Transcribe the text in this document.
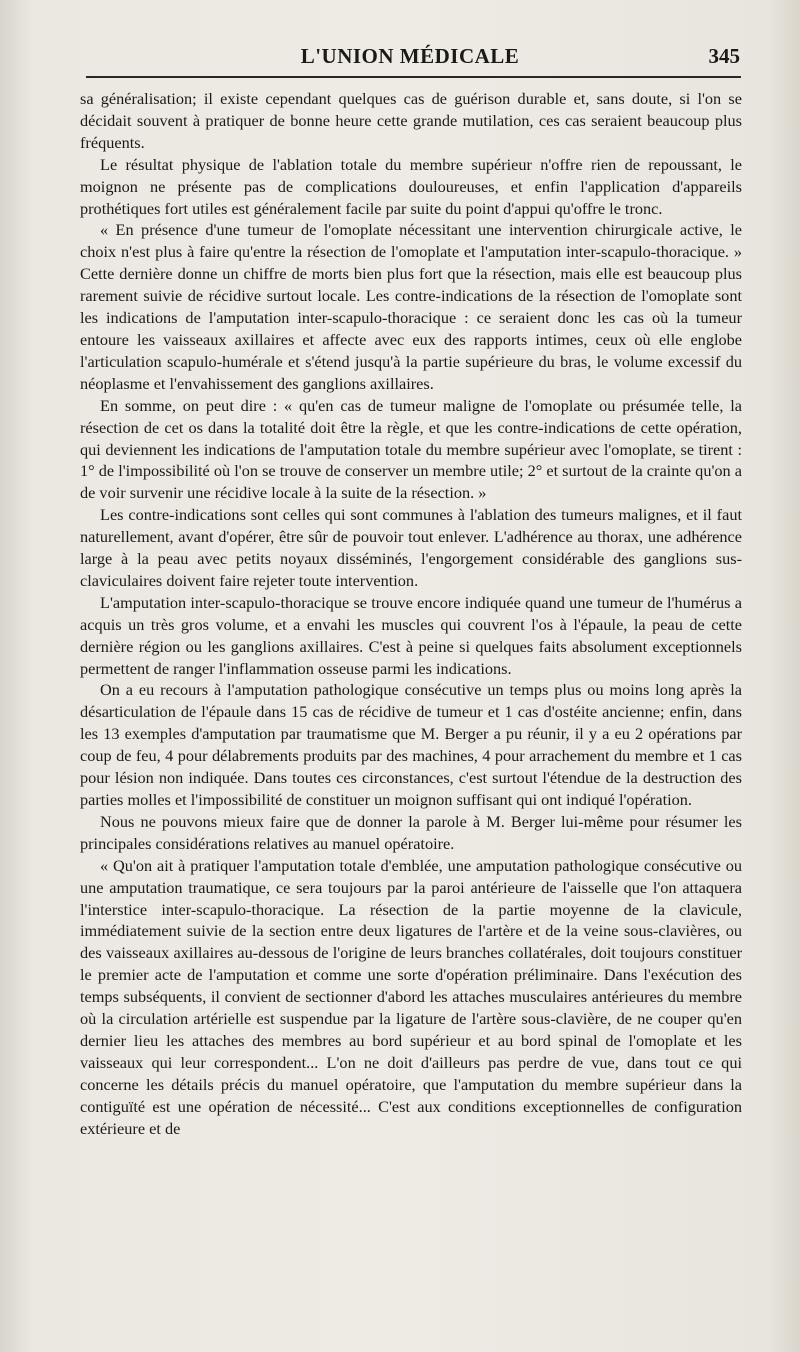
L'UNION MÉDICALE	345

sa généralisation; il existe cependant quelques cas de guérison durable et, sans doute, si l'on se décidait souvent à pratiquer de bonne heure cette grande mutilation, ces cas seraient beaucoup plus fréquents.

Le résultat physique de l'ablation totale du membre supérieur n'offre rien de repoussant, le moignon ne présente pas de complications douloureuses, et enfin l'application d'appareils prothétiques fort utiles est généralement facile par suite du point d'appui qu'offre le tronc.

« En présence d'une tumeur de l'omoplate nécessitant une intervention chirurgicale active, le choix n'est plus à faire qu'entre la résection de l'omoplate et l'amputation inter-scapulo-thoracique. » Cette dernière donne un chiffre de morts bien plus fort que la résection, mais elle est beaucoup plus rarement suivie de récidive surtout locale. Les contre-indications de la résection de l'omoplate sont les indications de l'amputation inter-scapulo-thoracique : ce seraient donc les cas où la tumeur entoure les vaisseaux axillaires et affecte avec eux des rapports intimes, ceux où elle englobe l'articulation scapulo-humérale et s'étend jusqu'à la partie supérieure du bras, le volume excessif du néoplasme et l'envahissement des ganglions axillaires.

En somme, on peut dire : « qu'en cas de tumeur maligne de l'omoplate ou présumée telle, la résection de cet os dans la totalité doit être la règle, et que les contre-indications de cette opération, qui deviennent les indications de l'amputation totale du membre supérieur avec l'omoplate, se tirent : 1° de l'impossibilité où l'on se trouve de conserver un membre utile; 2° et surtout de la crainte qu'on a de voir survenir une récidive locale à la suite de la résection. »

Les contre-indications sont celles qui sont communes à l'ablation des tumeurs malignes, et il faut naturellement, avant d'opérer, être sûr de pouvoir tout enlever. L'adhérence au thorax, une adhérence large à la peau avec petits noyaux disséminés, l'engorgement considérable des ganglions sus-claviculaires doivent faire rejeter toute intervention.

L'amputation inter-scapulo-thoracique se trouve encore indiquée quand une tumeur de l'humérus a acquis un très gros volume, et a envahi les muscles qui couvrent l'os à l'épaule, la peau de cette dernière région ou les ganglions axillaires. C'est à peine si quelques faits absolument exceptionnels permettent de ranger l'inflammation osseuse parmi les indications.

On a eu recours à l'amputation pathologique consécutive un temps plus ou moins long après la désarticulation de l'épaule dans 15 cas de récidive de tumeur et 1 cas d'ostéite ancienne; enfin, dans les 13 exemples d'amputation par traumatisme que M. Berger a pu réunir, il y a eu 2 opérations par coup de feu, 4 pour délabrements produits par des machines, 4 pour arrachement du membre et 1 cas pour lésion non indiquée. Dans toutes ces circonstances, c'est surtout l'étendue de la destruction des parties molles et l'impossibilité de constituer un moignon suffisant qui ont indiqué l'opération.

Nous ne pouvons mieux faire que de donner la parole à M. Berger lui-même pour résumer les principales considérations relatives au manuel opératoire.

« Qu'on ait à pratiquer l'amputation totale d'emblée, une amputation pathologique consécutive ou une amputation traumatique, ce sera toujours par la paroi antérieure de l'aisselle que l'on attaquera l'interstice inter-scapulo-thoracique. La résection de la partie moyenne de la clavicule, immédiatement suivie de la section entre deux ligatures de l'artère et de la veine sous-clavières, ou des vaisseaux axillaires au-dessous de l'origine de leurs branches collatérales, doit toujours constituer le premier acte de l'amputation et comme une sorte d'opération préliminaire. Dans l'exécution des temps subséquents, il convient de sectionner d'abord les attaches musculaires antérieures du membre où la circulation artérielle est suspendue par la ligature de l'artère sous-clavière, de ne couper qu'en dernier lieu les attaches des membres au bord supérieur et au bord spinal de l'omoplate et les vaisseaux qui leur correspondent... L'on ne doit d'ailleurs pas perdre de vue, dans tout ce qui concerne les détails précis du manuel opératoire, que l'amputation du membre supérieur dans la contiguïté est une opération de nécessité... C'est aux conditions exceptionnelles de configuration extérieure et de
